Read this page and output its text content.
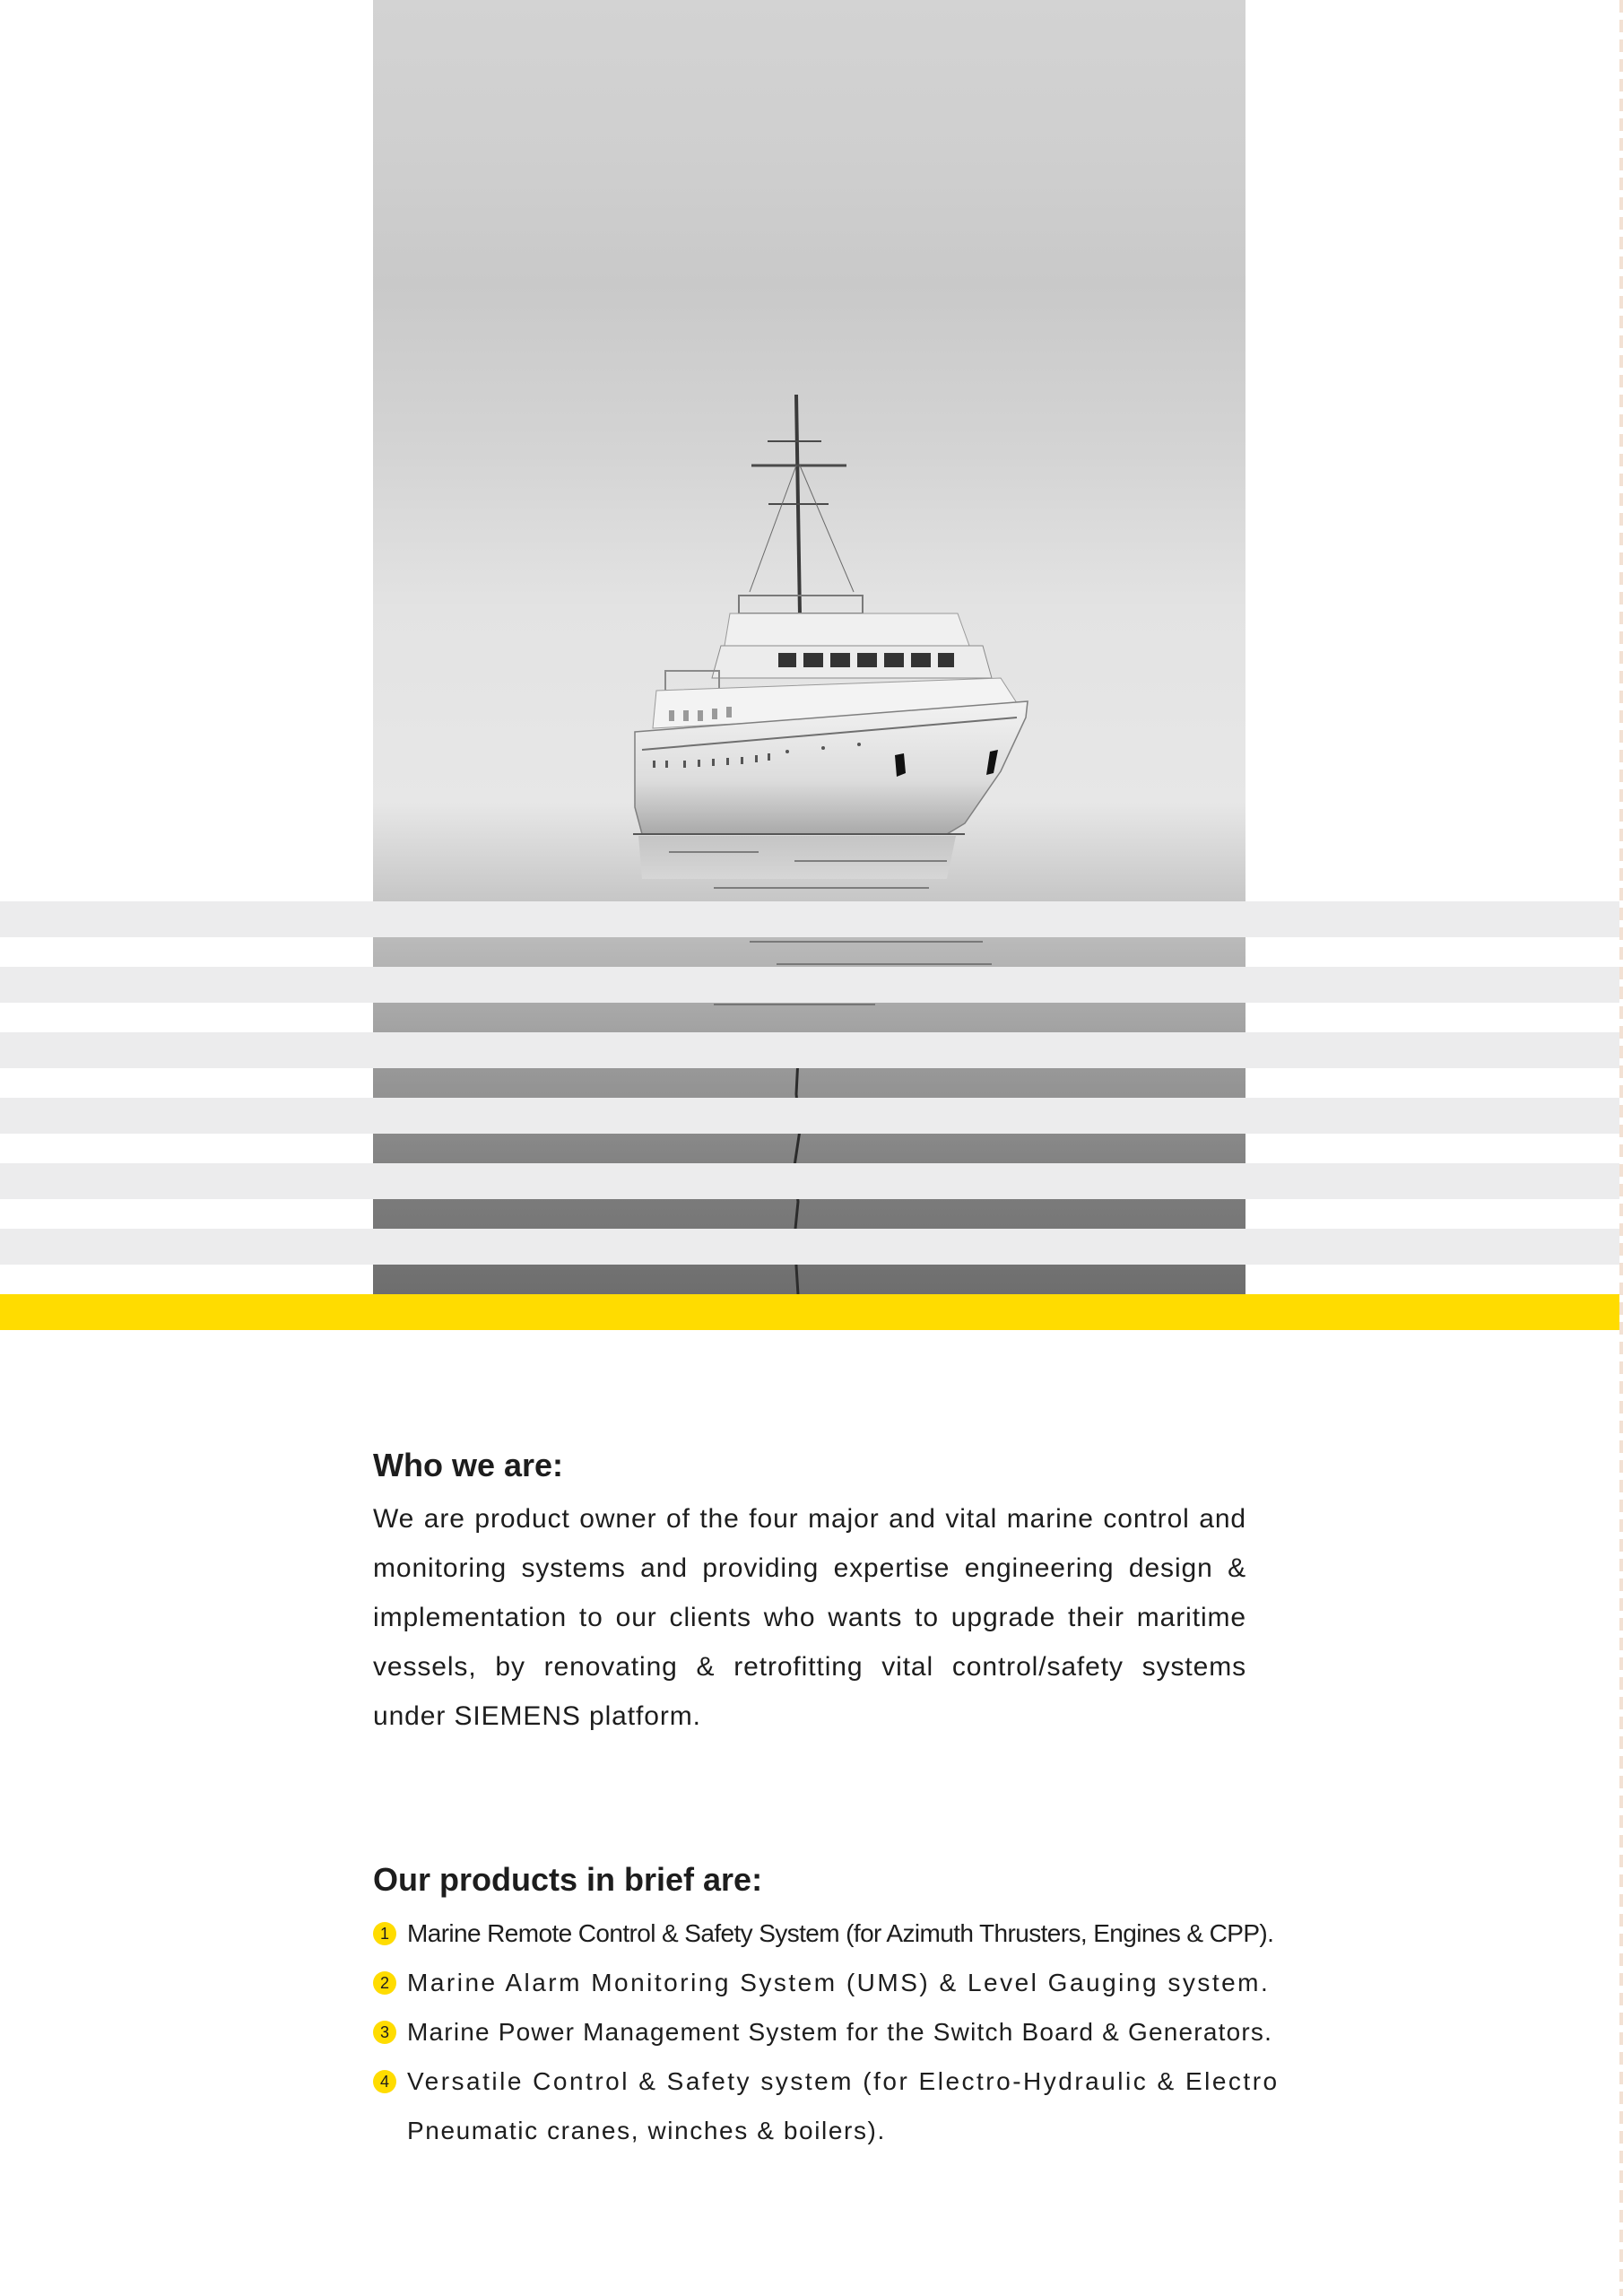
Who we are:

We are product owner of the four major and vital marine control and monitoring systems and providing expertise engineering design & implementation to our clients who wants to upgrade their maritime vessels, by renovating & retrofitting vital control/safety systems under SIEMENS platform.

Our products in brief are:
1 Marine Remote Control & Safety System (for Azimuth Thrusters, Engines & CPP).
2 Marine Alarm Monitoring System (UMS) & Level Gauging system.
3 Marine Power Management System for the Switch Board & Generators.
4 Versatile Control & Safety system (for Electro-Hydraulic & Electro
Pneumatic cranes, winches & boilers).
